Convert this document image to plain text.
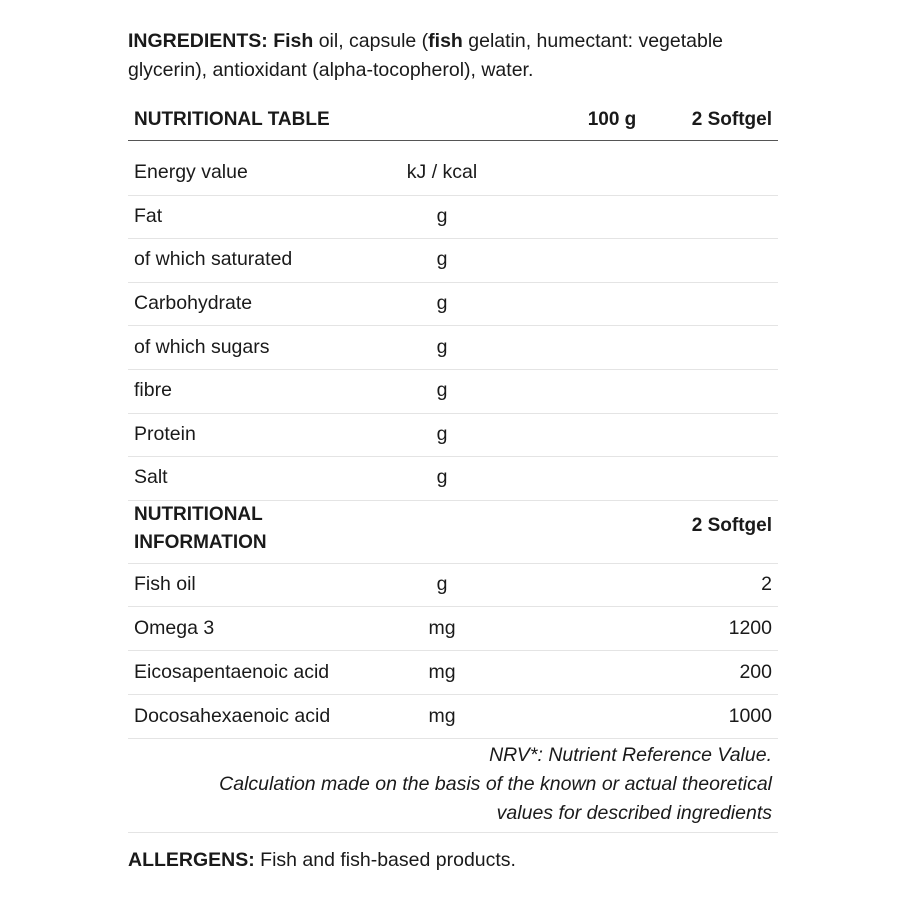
INGREDIENTS: Fish oil, capsule (fish gelatin, humectant: vegetable glycerin), antioxidant (alpha-tocopherol), water.

NUTRITIONAL TABLE	100 g	2 Softgel
Energy value	kJ / kcal
Fat	g
of which saturated	g
Carbohydrate	g
of which sugars	g
fibre	g
Protein	g
Salt	g
NUTRITIONAL
INFORMATION
2 Softgel
Fish oil	g	2
Omega 3	mg	1200
Eicosapentaenoic acid	mg	200
Docosahexaenoic acid	mg	1000
NRV*: Nutrient Reference Value.
Calculation made on the basis of the known or actual theoretical
values for described ingredients

ALLERGENS: Fish and fish-based products.
